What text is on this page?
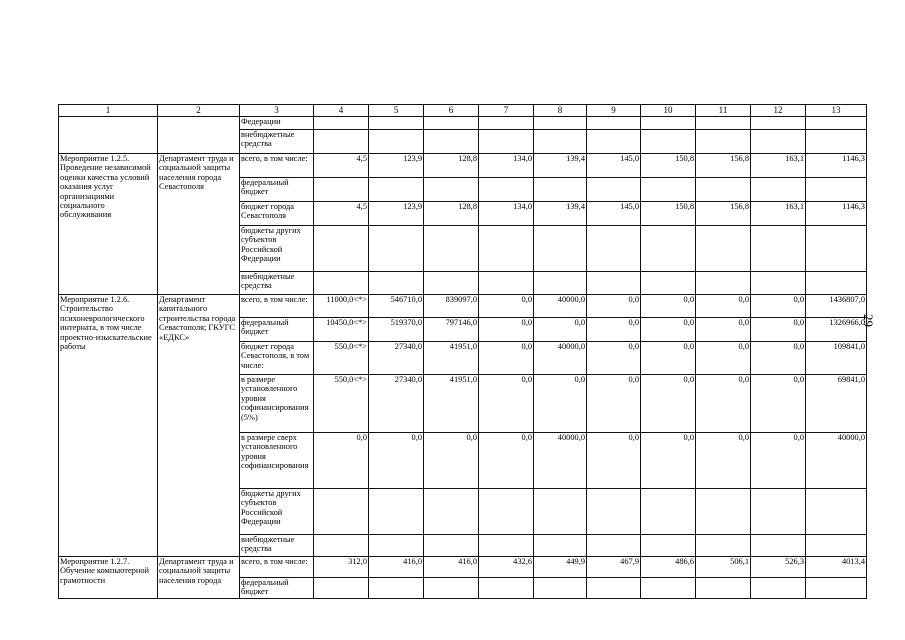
1	2	3	4	5	6	7	8	9	10	11	12	13
		Федерации										
		внебюджетные средства										
Мероприятие 1.2.5. Проведение независимой оценки качества условий оказания услуг организациями социального обслуживания	Департамент труда и социальной защиты населения города Севастополя	всего, в том числе:	4,5	123,9	128,8	134,0	139,4	145,0	150,8	156,8	163,1	1146,3
		федеральный бюджет										
		бюджет города Севастополя	4,5	123,9	128,8	134,0	139,4	145,0	150,8	156,8	163,1	1146,3
		бюджеты других субъектов Российской Федерации										
		внебюджетные средства										
Мероприятие 1.2.6. Строительство психоневрологического интерната, в том числе проектно-изыскательские работы	Департамент капитального строительства города Севастополя; ГКУГС «ЕДКС»	всего, в том числе:	11000,0<*>	546710,0	839097,0	0,0	40000,0	0,0	0,0	0,0	0,0	1436807,0
		федеральный бюджет	10450,0<*>	519370,0	797146,0	0,0	0,0	0,0	0,0	0,0	0,0	1326966,0
		бюджет города Севастополя, в том числе:	550,0<*>	27340,0	41951,0	0,0	40000,0	0,0	0,0	0,0	0,0	109841,0
		в размере установленного уровня софинансирования (5%)	550,0<*>	27340,0	41951,0	0,0	0,0	0,0	0,0	0,0	0,0	69841,0
		в размере сверх установленного уровня софинансирования	0,0	0,0	0,0	0,0	40000,0	0,0	0,0	0,0	0,0	40000,0
		бюджеты других субъектов Российской Федерации										
		внебюджетные средства										
Мероприятие 1.2.7. Обучение компьютерной грамотности	Департамент труда и социальной защиты населения города	всего, в том числе:	312,0	416,0	416,0	432,6	449,9	467,9	486,6	506,1	526,3	4013,4
		федеральный бюджет										
29
